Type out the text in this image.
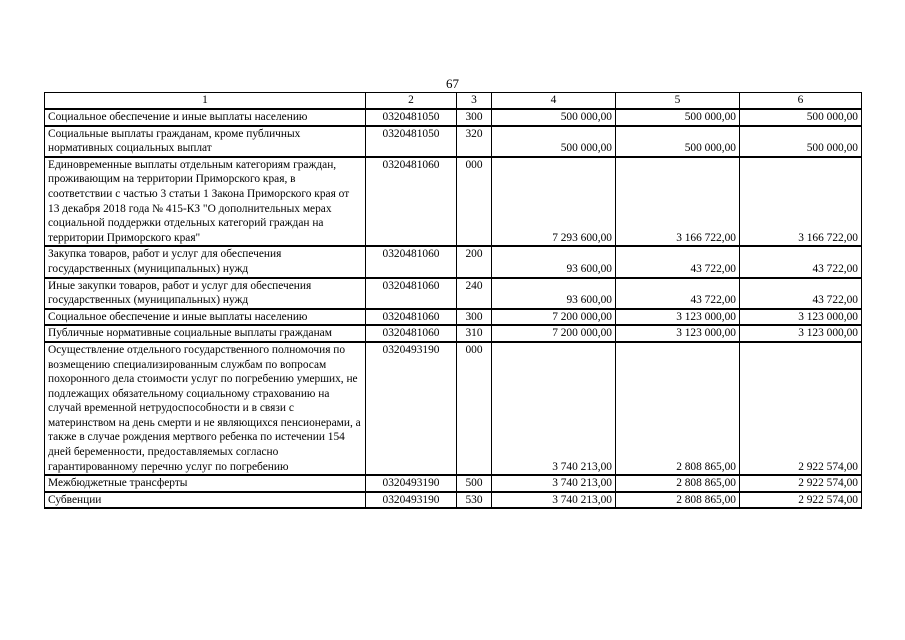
67
1	2	3	4	5	6
Социальное обеспечение и иные выплаты населению	0320481050	300	500 000,00	500 000,00	500 000,00
Социальные выплаты гражданам, кроме публичных нормативных социальных выплат	0320481050	320	500 000,00	500 000,00	500 000,00
Единовременные выплаты отдельным категориям граждан, проживающим на территории Приморского края, в соответствии с частью 3 статьи 1 Закона Приморского края от 13 декабря 2018 года № 415-КЗ "О дополнительных мерах социальной поддержки отдельных категорий граждан на территории Приморского края"	0320481060	000	7 293 600,00	3 166 722,00	3 166 722,00
Закупка товаров, работ и услуг для обеспечения государственных (муниципальных) нужд	0320481060	200	93 600,00	43 722,00	43 722,00
Иные закупки товаров, работ и услуг для обеспечения государственных (муниципальных) нужд	0320481060	240	93 600,00	43 722,00	43 722,00
Социальное обеспечение и иные выплаты населению	0320481060	300	7 200 000,00	3 123 000,00	3 123 000,00
Публичные нормативные социальные выплаты гражданам	0320481060	310	7 200 000,00	3 123 000,00	3 123 000,00
Осуществление отдельного государственного полномочия по возмещению специализированным службам по вопросам похоронного дела стоимости услуг по погребению умерших, не подлежащих обязательному социальному страхованию на случай временной нетрудоспособности и в связи с материнством на день смерти и не являющихся пенсионерами, а также в случае рождения мертвого ребенка по истечении 154 дней беременности, предоставляемых согласно гарантированному перечню услуг по погребению	0320493190	000	3 740 213,00	2 808 865,00	2 922 574,00
Межбюджетные трансферты	0320493190	500	3 740 213,00	2 808 865,00	2 922 574,00
Субвенции	0320493190	530	3 740 213,00	2 808 865,00	2 922 574,00
